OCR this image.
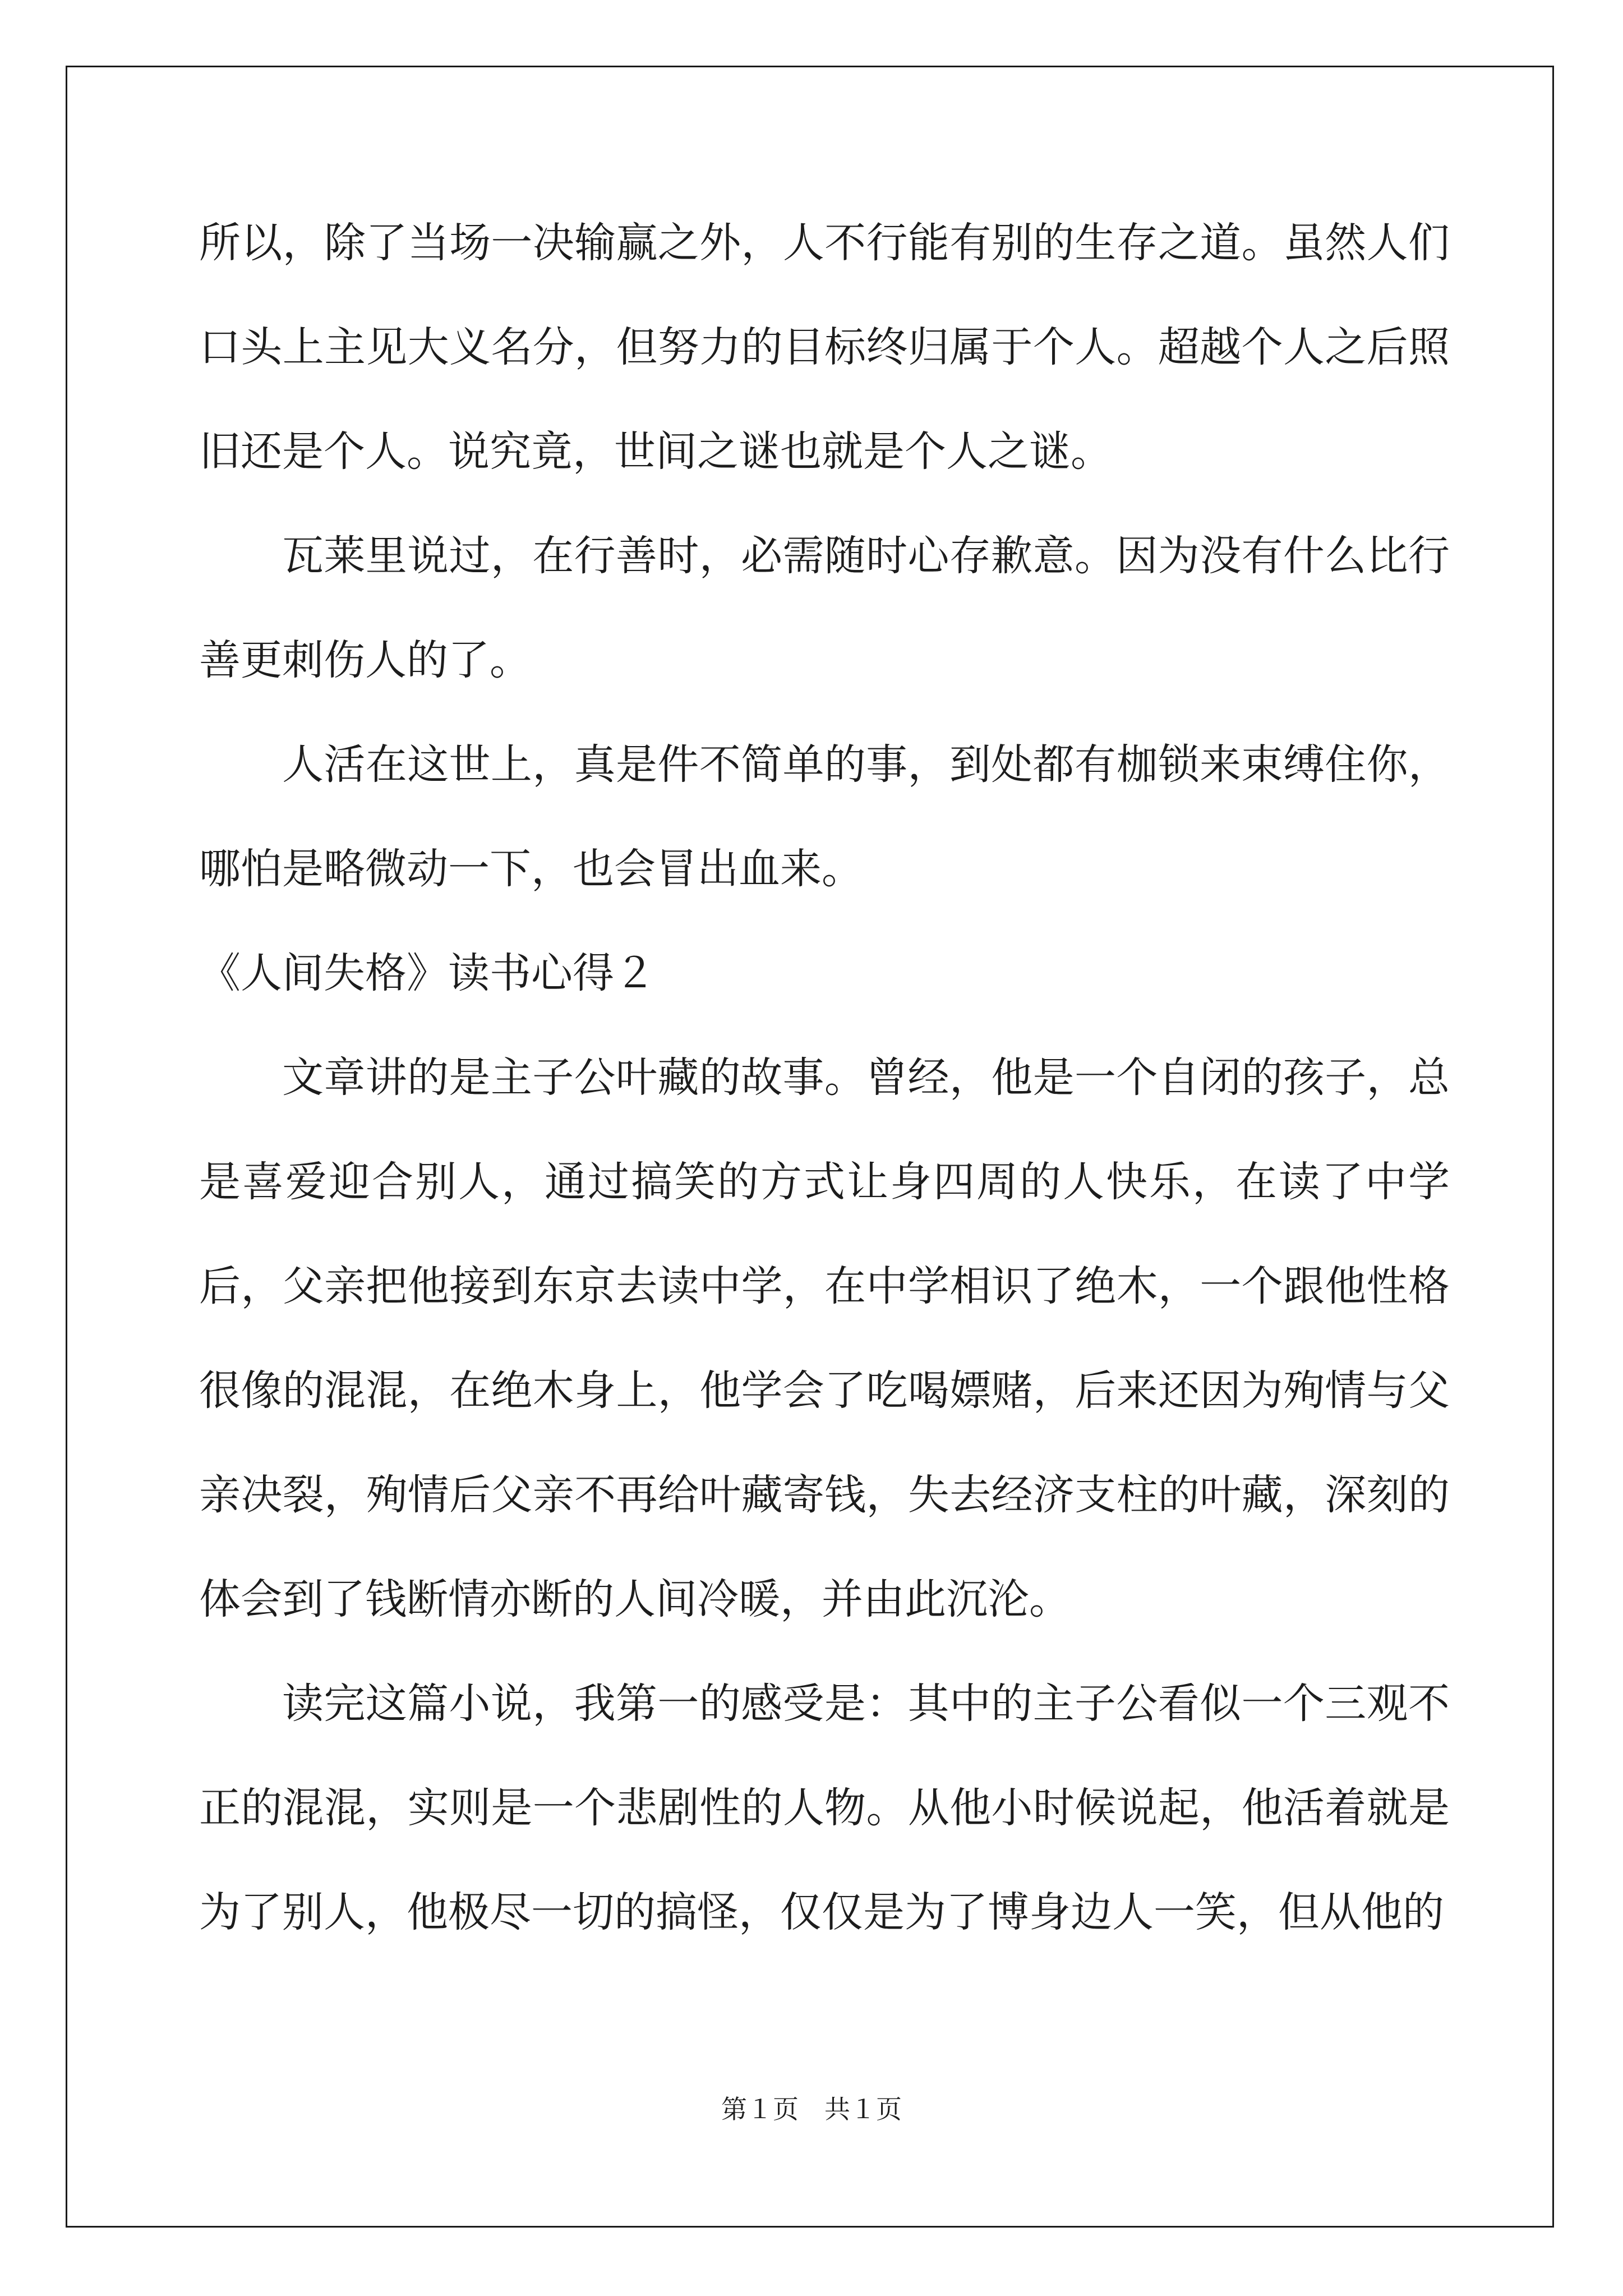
所以，除了当场一决输赢之外，人不行能有别的生存之道。虽然人们口头上主见大义名分，但努力的目标终归属于个人。超越个人之后照旧还是个人。说究竟，世间之谜也就是个人之谜。

瓦莱里说过，在行善时，必需随时心存歉意。因为没有什么比行善更刺伤人的了。

人活在这世上，真是件不简单的事，到处都有枷锁来束缚住你，哪怕是略微动一下，也会冒出血来。

《人间失格》读书心得２

文章讲的是主子公叶藏的故事。曾经，他是一个自闭的孩子，总是喜爱迎合别人，通过搞笑的方式让身四周的人快乐，在读了中学后，父亲把他接到东京去读中学，在中学相识了绝木，一个跟他性格很像的混混，在绝木身上，他学会了吃喝嫖赌，后来还因为殉情与父亲决裂，殉情后父亲不再给叶藏寄钱，失去经济支柱的叶藏，深刻的体会到了钱断情亦断的人间冷暖，并由此沉沦。

读完这篇小说，我第一的感受是：其中的主子公看似一个三观不正的混混，实则是一个悲剧性的人物。从他小时候说起，他活着就是为了别人，他极尽一切的搞怪，仅仅是为了博身边人一笑，但从他的

第１页　共１页
